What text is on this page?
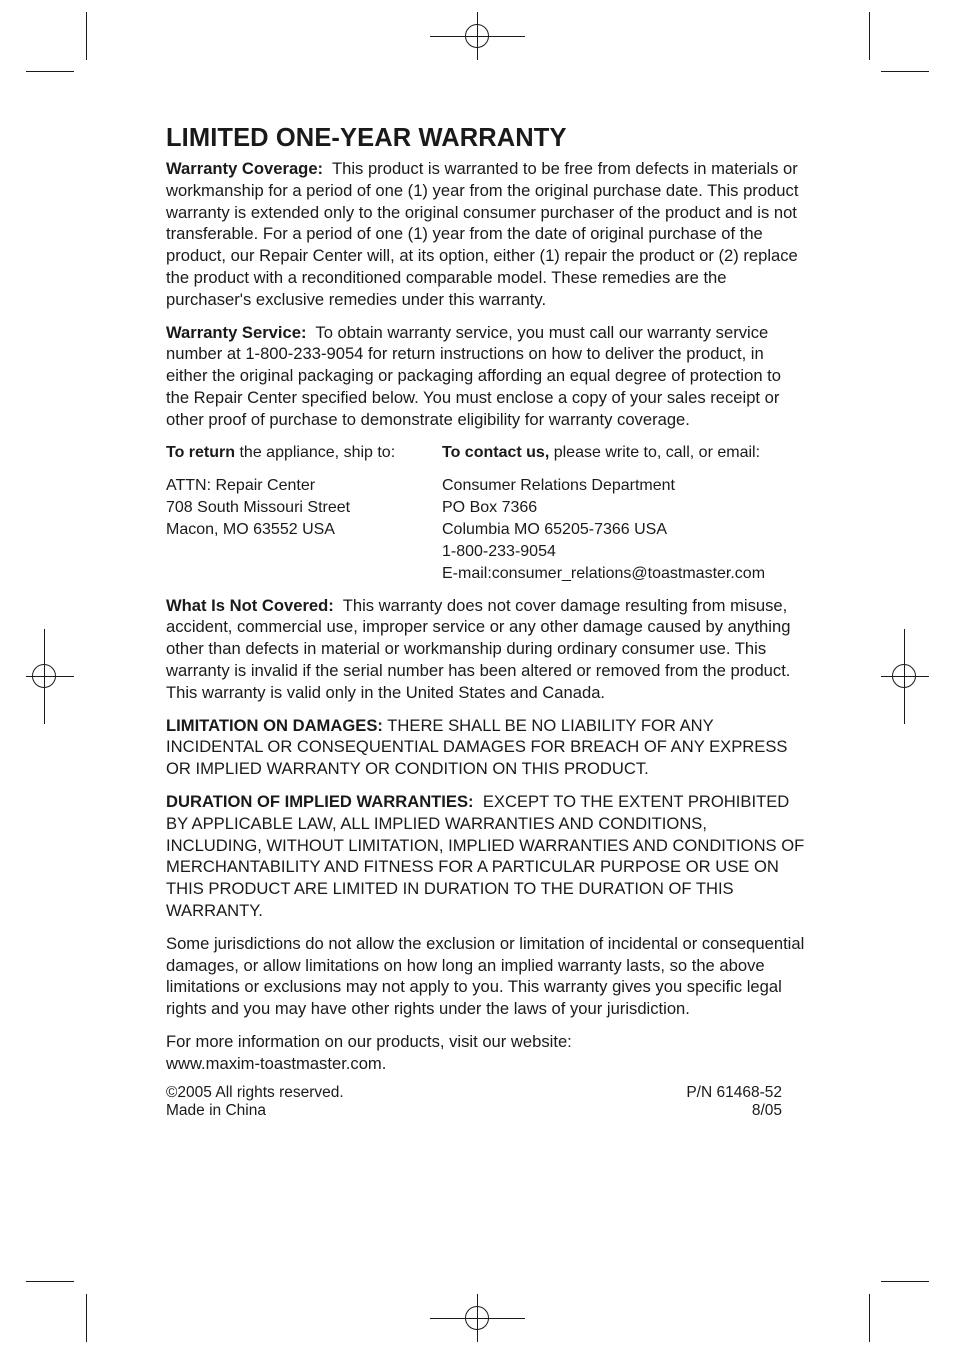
LIMITED ONE-YEAR WARRANTY

Warranty Coverage: This product is warranted to be free from defects in materials or workmanship for a period of one (1) year from the original purchase date. This product warranty is extended only to the original consumer purchaser of the product and is not transferable. For a period of one (1) year from the date of original purchase of the product, our Repair Center will, at its option, either (1) repair the product or (2) replace the product with a reconditioned comparable model. These remedies are the purchaser's exclusive remedies under this warranty.

Warranty Service: To obtain warranty service, you must call our warranty service number at 1-800-233-9054 for return instructions on how to deliver the product, in either the original packaging or packaging affording an equal degree of protection to the Repair Center specified below. You must enclose a copy of your sales receipt or other proof of purchase to demonstrate eligibility for warranty coverage.

To return the appliance, ship to:
ATTN: Repair Center
708 South Missouri Street
Macon, MO 63552 USA
To contact us, please write to, call, or email:
Consumer Relations Department
PO Box 7366
Columbia MO 65205-7366 USA
1-800-233-9054
E-mail:consumer_relations@toastmaster.com

What Is Not Covered: This warranty does not cover damage resulting from misuse, accident, commercial use, improper service or any other damage caused by anything other than defects in material or workmanship during ordinary consumer use. This warranty is invalid if the serial number has been altered or removed from the product. This warranty is valid only in the United States and Canada.

LIMITATION ON DAMAGES: THERE SHALL BE NO LIABILITY FOR ANY INCIDENTAL OR CONSEQUENTIAL DAMAGES FOR BREACH OF ANY EXPRESS OR IMPLIED WARRANTY OR CONDITION ON THIS PRODUCT.

DURATION OF IMPLIED WARRANTIES: EXCEPT TO THE EXTENT PROHIBITED BY APPLICABLE LAW, ALL IMPLIED WARRANTIES AND CONDITIONS, INCLUDING, WITHOUT LIMITATION, IMPLIED WARRANTIES AND CONDITIONS OF MERCHANTABILITY AND FITNESS FOR A PARTICULAR PURPOSE OR USE ON THIS PRODUCT ARE LIMITED IN DURATION TO THE DURATION OF THIS WARRANTY.

Some jurisdictions do not allow the exclusion or limitation of incidental or consequential damages, or allow limitations on how long an implied warranty lasts, so the above limitations or exclusions may not apply to you. This warranty gives you specific legal rights and you may have other rights under the laws of your jurisdiction.

For more information on our products, visit our website:
www.maxim-toastmaster.com.

©2005 All rights reserved.
Made in China
P/N 61468-52
8/05
